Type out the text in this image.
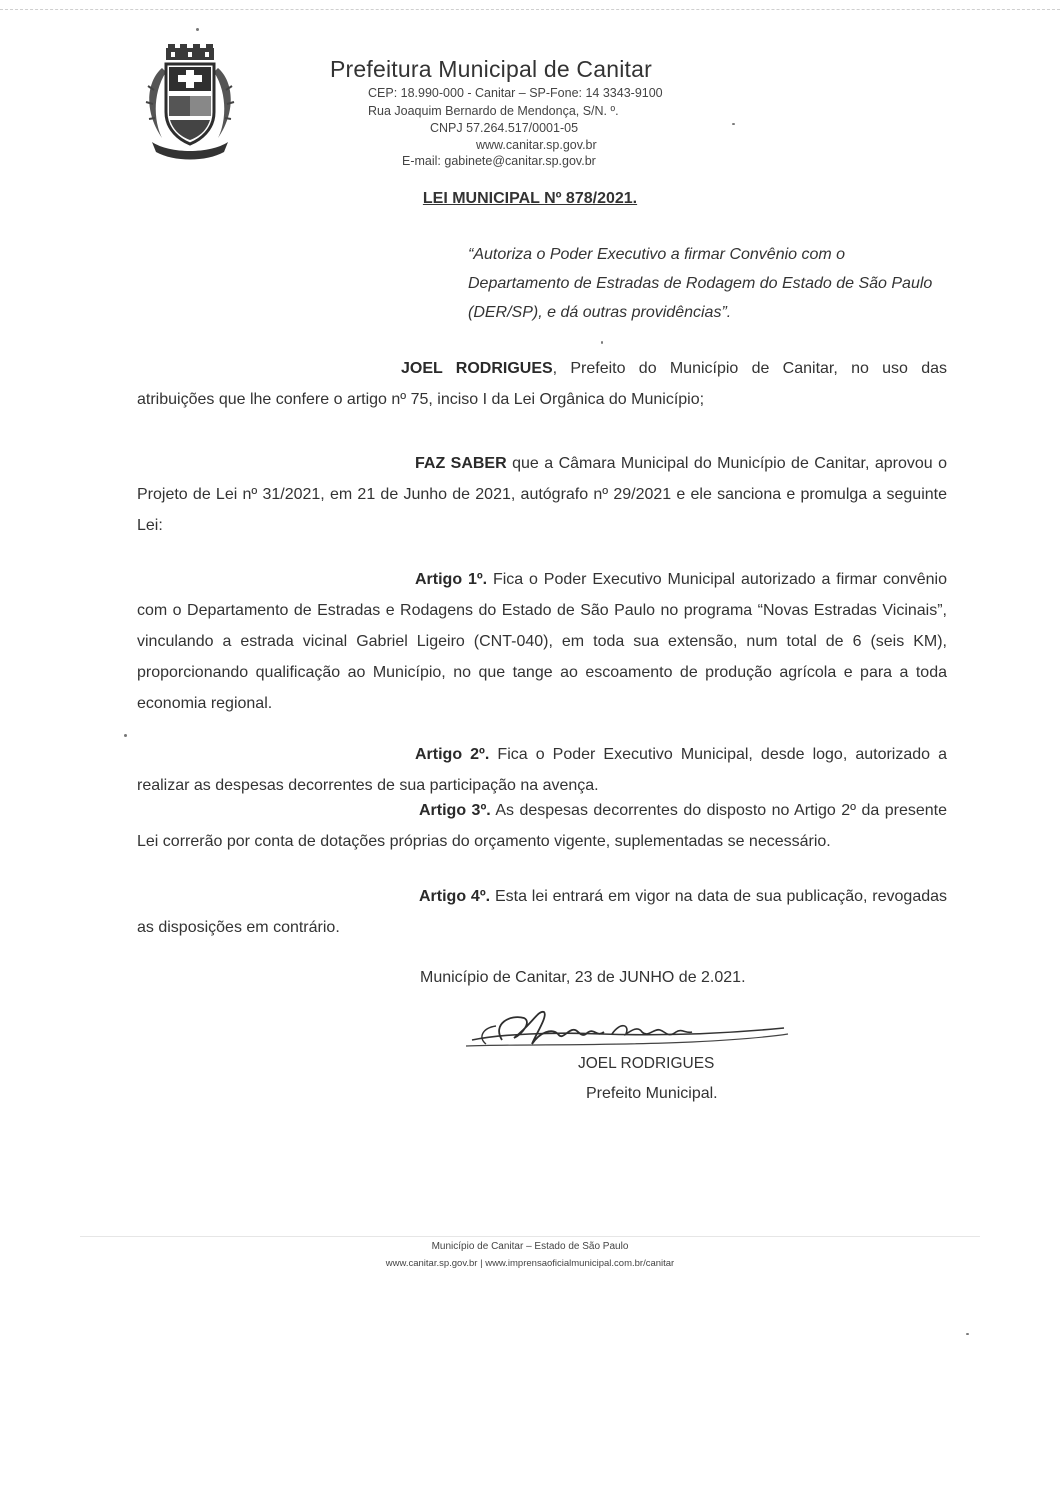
Prefeitura Municipal de Canitar
CEP: 18.990-000 - Canitar – SP-Fone: 14 3343-9100
Rua Joaquim Bernardo de Mendonça, S/N. º.
CNPJ 57.264.517/0001-05
www.canitar.sp.gov.br
E-mail: gabinete@canitar.sp.gov.br
LEI MUNICIPAL Nº 878/2021.
“Autoriza o Poder Executivo a firmar Convênio com o Departamento de Estradas de Rodagem do Estado de São Paulo (DER/SP), e dá outras providências”.

JOEL RODRIGUES, Prefeito do Município de Canitar, no uso das atribuições que lhe confere o artigo nº 75, inciso I da Lei Orgânica do Município;

FAZ SABER que a Câmara Municipal do Município de Canitar, aprovou o Projeto de Lei nº 31/2021, em 21 de Junho de 2021, autógrafo nº 29/2021 e ele sanciona e promulga a seguinte Lei:

Artigo 1º. Fica o Poder Executivo Municipal autorizado a firmar convênio com o Departamento de Estradas e Rodagens do Estado de São Paulo no programa “Novas Estradas Vicinais”, vinculando a estrada vicinal Gabriel Ligeiro (CNT-040), em toda sua extensão, num total de 6 (seis KM), proporcionando qualificação ao Município, no que tange ao escoamento de produção agrícola e para a toda economia regional.

Artigo 2º. Fica o Poder Executivo Municipal, desde logo, autorizado a realizar as despesas decorrentes de sua participação na avença.

Artigo 3º. As despesas decorrentes do disposto no Artigo 2º da presente Lei correrão por conta de dotações próprias do orçamento vigente, suplementadas se necessário.

Artigo 4º. Esta lei entrará em vigor na data de sua publicação, revogadas as disposições em contrário.

Município de Canitar, 23 de JUNHO de 2.021.
JOEL RODRIGUES
Prefeito Municipal.
Município de Canitar – Estado de São Paulo
www.canitar.sp.gov.br | www.imprensaoficialmunicipal.com.br/canitar
